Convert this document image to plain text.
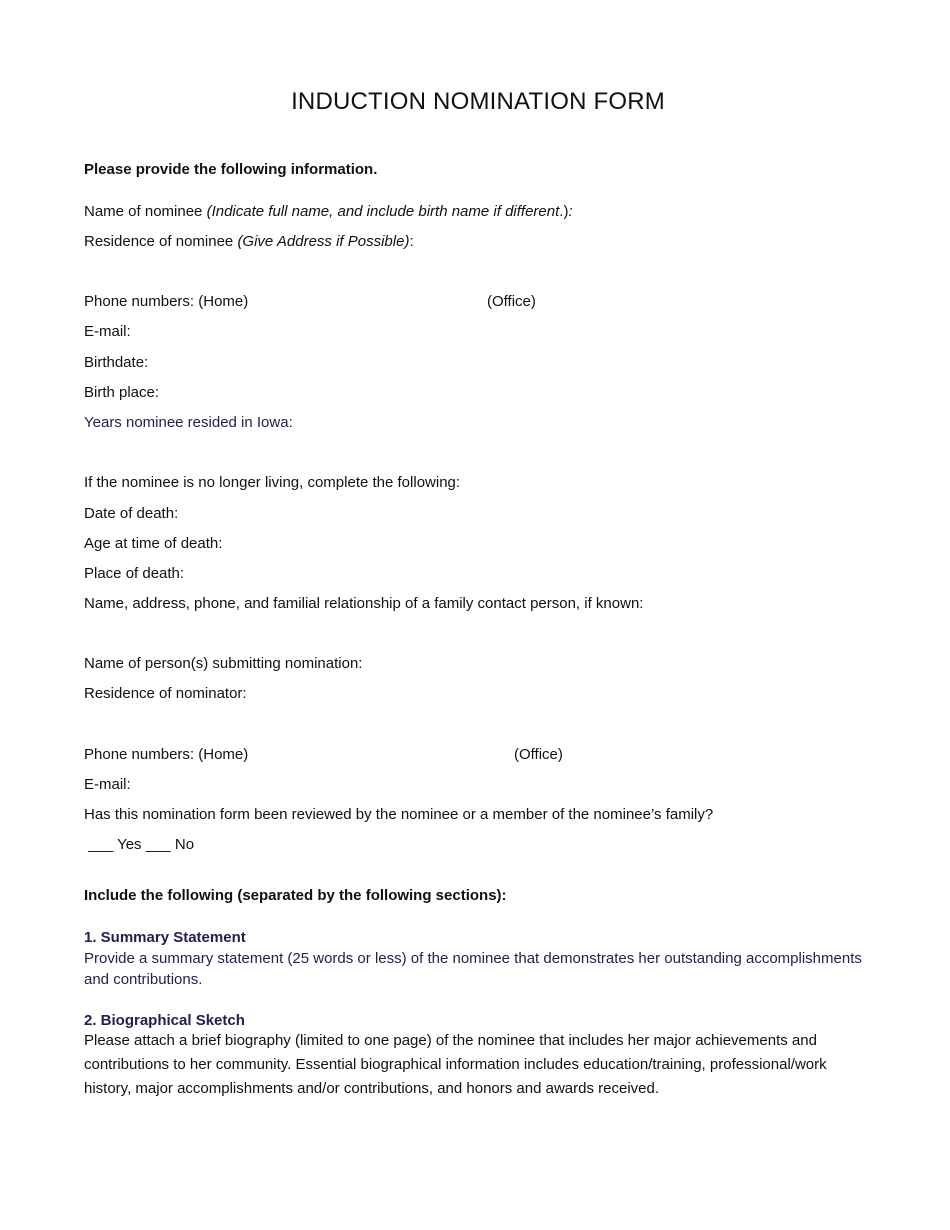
INDUCTION NOMINATION FORM
Please provide the following information.
Name of nominee (Indicate full name, and include birth name if different.):
Residence of nominee (Give Address if Possible):
Phone numbers: (Home)	(Office)
E-mail:
Birthdate:
Birth place:
Years nominee resided in Iowa:
If the nominee is no longer living, complete the following:
Date of death:
Age at time of death:
Place of death:
Name, address, phone, and familial relationship of a family contact person, if known:
Name of person(s) submitting nomination:
Residence of nominator:
Phone numbers: (Home)	(Office)
E-mail:
Has this nomination form been reviewed by the nominee or a member of the nominee’s family?
___ Yes ___ No
Include the following (separated by the following sections):
1. Summary Statement
Provide a summary statement (25 words or less) of the nominee that demonstrates her outstanding accomplishments and contributions.
2. Biographical Sketch
Please attach a brief biography (limited to one page) of the nominee that includes her major achievements and contributions to her community. Essential biographical information includes education/training, professional/work history, major accomplishments and/or contributions, and honors and awards received.
